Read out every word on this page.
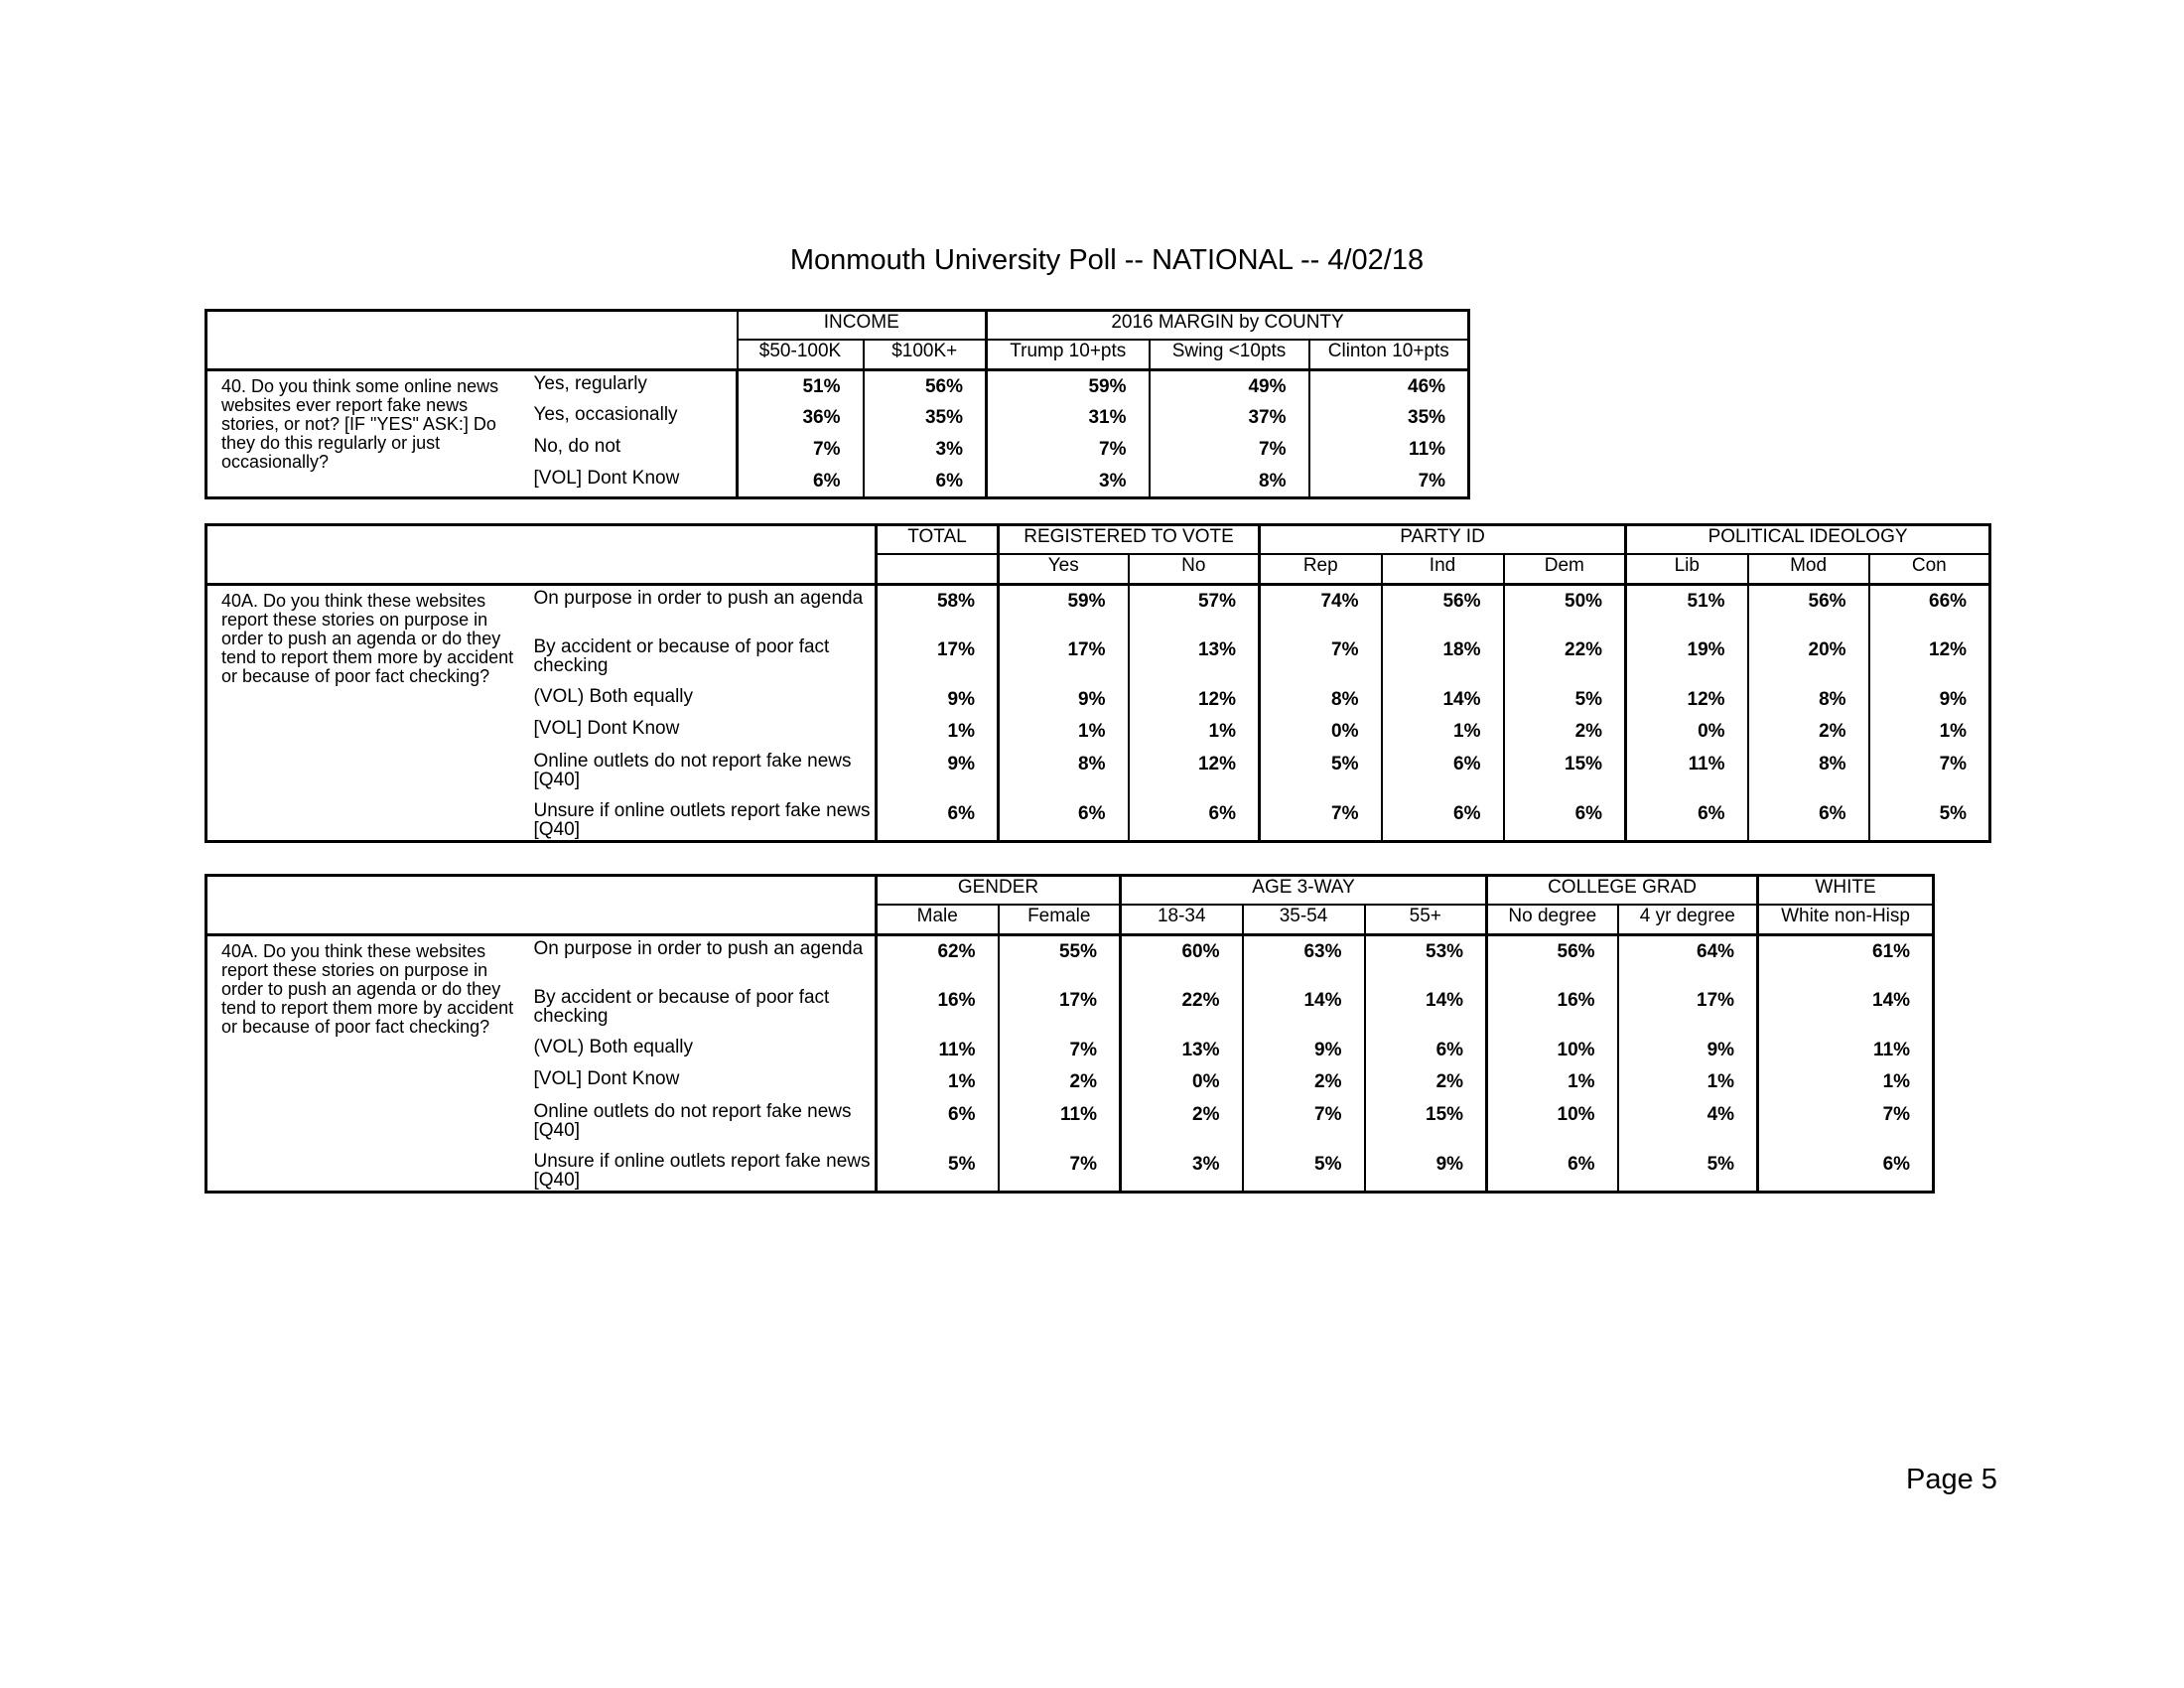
Monmouth University Poll -- NATIONAL -- 4/02/18
		INCOME		2016 MARGIN by COUNTY		
		$50-100K	$100K+	Trump 10+pts	Swing <10pts	Clinton 10+pts
40. Do you think some online news websites ever report fake news stories, or not? [IF "YES" ASK:] Do they do this regularly or just occasionally?	Yes, regularly	51%	56%	59%	49%	46%
	Yes, occasionally	36%	35%	31%	37%	35%
	No, do not	7%	3%	7%	7%	11%
	[VOL] Dont Know	6%	6%	3%	8%	7%
		TOTAL	REGISTERED TO VOTE		PARTY ID			POLITICAL IDEOLOGY		
			Yes	No	Rep	Ind	Dem	Lib	Mod	Con
40A. Do you think these websites report these stories on purpose in order to push an agenda or do they tend to report them more by accident or because of poor fact checking?	On purpose in order to push an agenda	58%	59%	57%	74%	56%	50%	51%	56%	66%
	By accident or because of poor fact checking	17%	17%	13%	7%	18%	22%	19%	20%	12%
	(VOL) Both equally	9%	9%	12%	8%	14%	5%	12%	8%	9%
	[VOL] Dont Know	1%	1%	1%	0%	1%	2%	0%	2%	1%
	Online outlets do not report fake news [Q40]	9%	8%	12%	5%	6%	15%	11%	8%	7%
	Unsure if online outlets report fake news [Q40]	6%	6%	6%	7%	6%	6%	6%	6%	5%
		GENDER		AGE 3-WAY			COLLEGE GRAD		WHITE
		Male	Female	18-34	35-54	55+	No degree	4 yr degree	White non-Hisp
40A. Do you think these websites report these stories on purpose in order to push an agenda or do they tend to report them more by accident or because of poor fact checking?	On purpose in order to push an agenda	62%	55%	60%	63%	53%	56%	64%	61%
	By accident or because of poor fact checking	16%	17%	22%	14%	14%	16%	17%	14%
	(VOL) Both equally	11%	7%	13%	9%	6%	10%	9%	11%
	[VOL] Dont Know	1%	2%	0%	2%	2%	1%	1%	1%
	Online outlets do not report fake news [Q40]	6%	11%	2%	7%	15%	10%	4%	7%
	Unsure if online outlets report fake news [Q40]	5%	7%	3%	5%	9%	6%	5%	6%
Page 5
